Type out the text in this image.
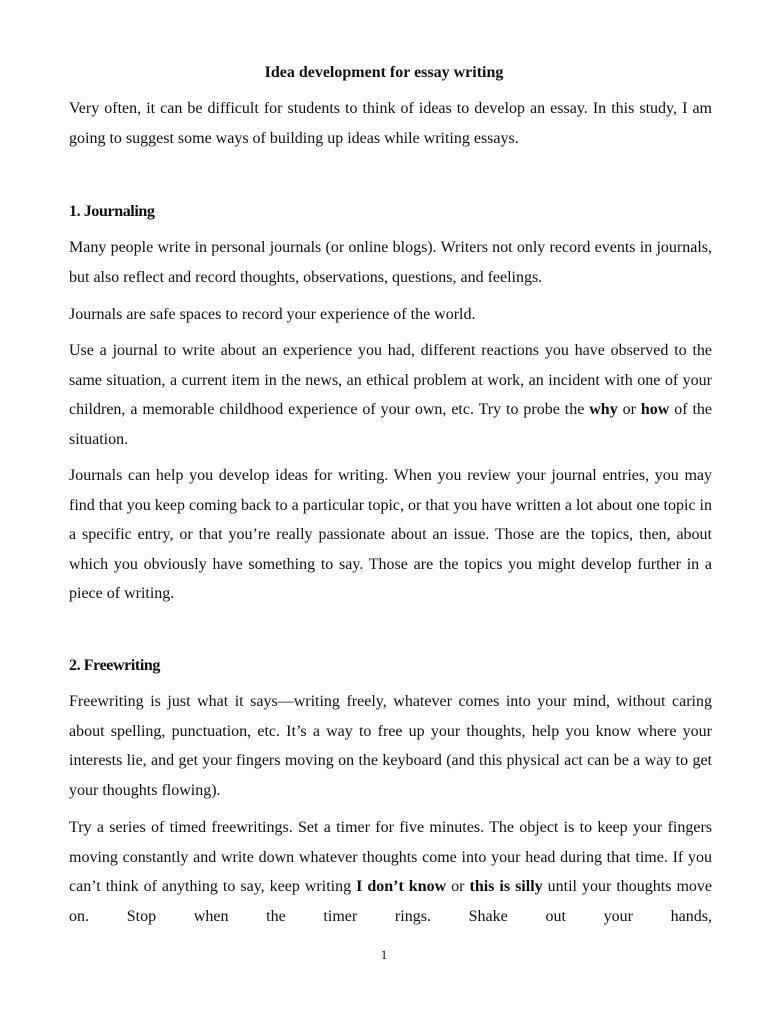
Idea development for essay writing

Very often, it can be difficult for students to think of ideas to develop an essay. In this study, I am going to suggest some ways of building up ideas while writing essays.

1. Journaling

Many people write in personal journals (or online blogs). Writers not only record events in journals, but also reflect and record thoughts, observations, questions, and feelings.

Journals are safe spaces to record your experience of the world.

Use a journal to write about an experience you had, different reactions you have observed to the same situation, a current item in the news, an ethical problem at work, an incident with one of your children, a memorable childhood experience of your own, etc. Try to probe the why or how of the situation.

Journals can help you develop ideas for writing. When you review your journal entries, you may find that you keep coming back to a particular topic, or that you have written a lot about one topic in a specific entry, or that you’re really passionate about an issue. Those are the topics, then, about which you obviously have something to say. Those are the topics you might develop further in a piece of writing.

2. Freewriting

Freewriting is just what it says—writing freely, whatever comes into your mind, without caring about spelling, punctuation, etc. It’s a way to free up your thoughts, help you know where your interests lie, and get your fingers moving on the keyboard (and this physical act can be a way to get your thoughts flowing).

Try a series of timed freewritings. Set a timer for five minutes. The object is to keep your fingers moving constantly and write down whatever thoughts come into your head during that time. If you can’t think of anything to say, keep writing I don’t know or this is silly until your thoughts move on. Stop when the timer rings. Shake out your hands,

1
